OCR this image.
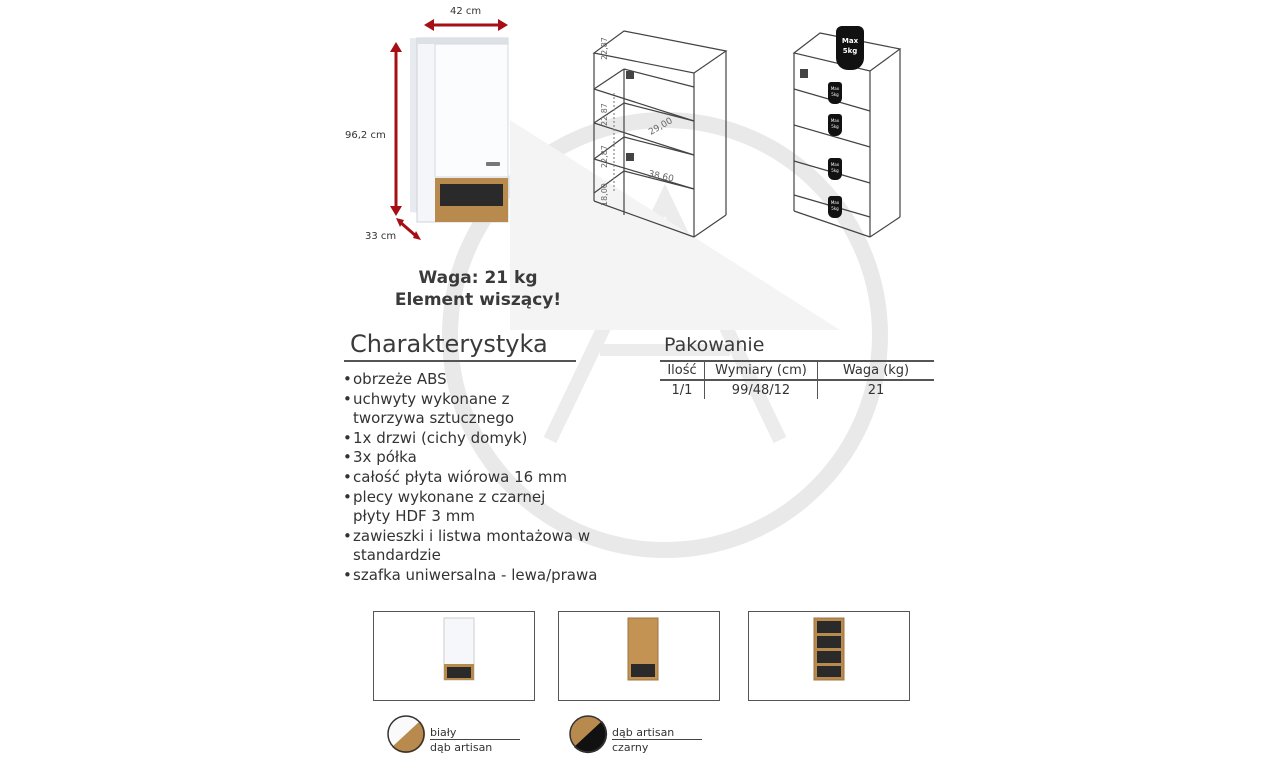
42 cm
96,2 cm
33 cm
Waga: 21 kg
Element wiszący!
22,87
22,87
22,87
18,00
29,00
38,60
Max
5kg
Max
5kg
Max
5kg
Max
5kg
Max
5kg
Charakterystyka
• obrzeże ABS
• uchwyty wykonane z tworzywa sztucznego
• 1x drzwi (cichy domyk)
• 3x półka
• całość płyta wiórowa 16 mm
• plecy wykonane z czarnej płyty HDF 3 mm
• zawieszki i listwa montażowa w standardzie
• szafka uniwersalna - lewa/prawa
Pakowanie
Ilość	Wymiary (cm)	Waga (kg)
1/1	99/48/12	21
biały
dąb artisan
dąb artisan
czarny
